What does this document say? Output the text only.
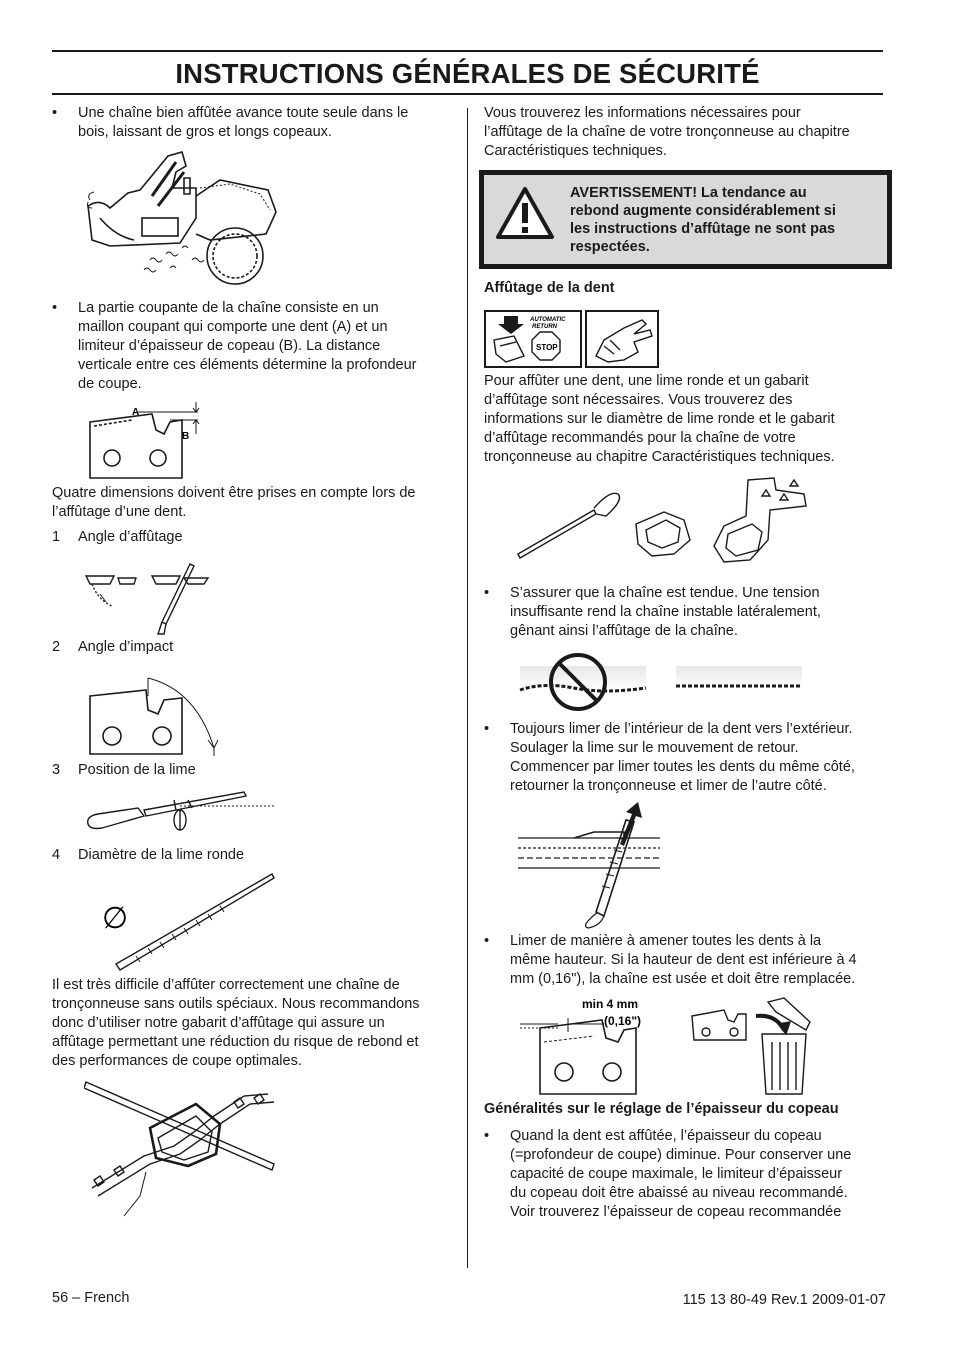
INSTRUCTIONS GÉNÉRALES DE SÉCURITÉ
• Une chaîne bien affûtée avance toute seule dans le
bois, laissant de gros et longs copeaux.
• La partie coupante de la chaîne consiste en un
maillon coupant qui comporte une dent (A) et un
limiteur d’épaisseur de copeau (B). La distance
verticale entre ces éléments détermine la profondeur
de coupe.
A
B
Quatre dimensions doivent être prises en compte lors de
l’affûtage d’une dent.
1 Angle d’affûtage
2 Angle d’impact
3 Position de la lime
4 Diamètre de la lime ronde
∅
Il est très difficile d’affûter correctement une chaîne de
tronçonneuse sans outils spéciaux. Nous recommandons
donc d’utiliser notre gabarit d’affûtage qui assure un
affûtage permettant une réduction du risque de rebond et
des performances de coupe optimales.
Vous trouverez les informations nécessaires pour
l’affûtage de la chaîne de votre tronçonneuse au chapitre
Caractéristiques techniques.
AVERTISSEMENT! La tendance au
rebond augmente considérablement si
les instructions d’affûtage ne sont pas
respectées.
Affûtage de la dent
AUTOMATIC
RETURN
STOP
Pour affûter une dent, une lime ronde et un gabarit
d’affûtage sont nécessaires. Vous trouverez des
informations sur le diamètre de lime ronde et le gabarit
d’affûtage recommandés pour la chaîne de votre
tronçonneuse au chapitre Caractéristiques techniques.
• S’assurer que la chaîne est tendue. Une tension
insuffisante rend la chaîne instable latéralement,
gênant ainsi l’affûtage de la chaîne.
• Toujours limer de l’intérieur de la dent vers l’extérieur.
Soulager la lime sur le mouvement de retour.
Commencer par limer toutes les dents du même côté,
retourner la tronçonneuse et limer de l’autre côté.
• Limer de manière à amener toutes les dents à la
même hauteur. Si la hauteur de dent est inférieure à 4
mm (0,16"), la chaîne est usée et doit être remplacée.
min 4 mm
(0,16")
Généralités sur le réglage de l’épaisseur du copeau
• Quand la dent est affûtée, l’épaisseur du copeau
(=profondeur de coupe) diminue. Pour conserver une
capacité de coupe maximale, le limiteur d’épaisseur
du copeau doit être abaissé au niveau recommandé.
Voir trouverez l’épaisseur de copeau recommandée
56 – French	115 13 80-49 Rev.1 2009-01-07
